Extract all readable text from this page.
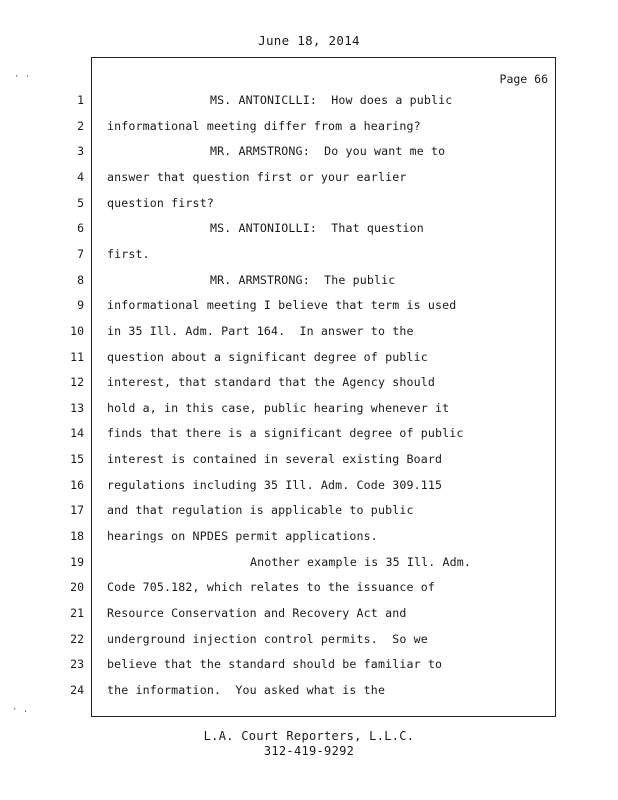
June 18, 2014
Page 66
1	MS. ANTONICLLI:  How does a public
2 informational meeting differ from a hearing?
3	MR. ARMSTRONG:  Do you want me to
4 answer that question first or your earlier
5 question first?
6	MS. ANTONIOLLI:  That question
7 first.
8	MR. ARMSTRONG:  The public
9 informational meeting I believe that term is used
10 in 35 Ill. Adm. Part 164.  In answer to the
11 question about a significant degree of public
12 interest, that standard that the Agency should
13 hold a, in this case, public hearing whenever it
14 finds that there is a significant degree of public
15 interest is contained in several existing Board
16 regulations including 35 Ill. Adm. Code 309.115
17 and that regulation is applicable to public
18 hearings on NPDES permit applications.
19	Another example is 35 Ill. Adm.
20 Code 705.182, which relates to the issuance of
21 Resource Conservation and Recovery Act and
22 underground injection control permits.  So we
23 believe that the standard should be familiar to
24 the information.  You asked what is the
L.A. Court Reporters, L.L.C.
312-419-9292
· ·
· .
